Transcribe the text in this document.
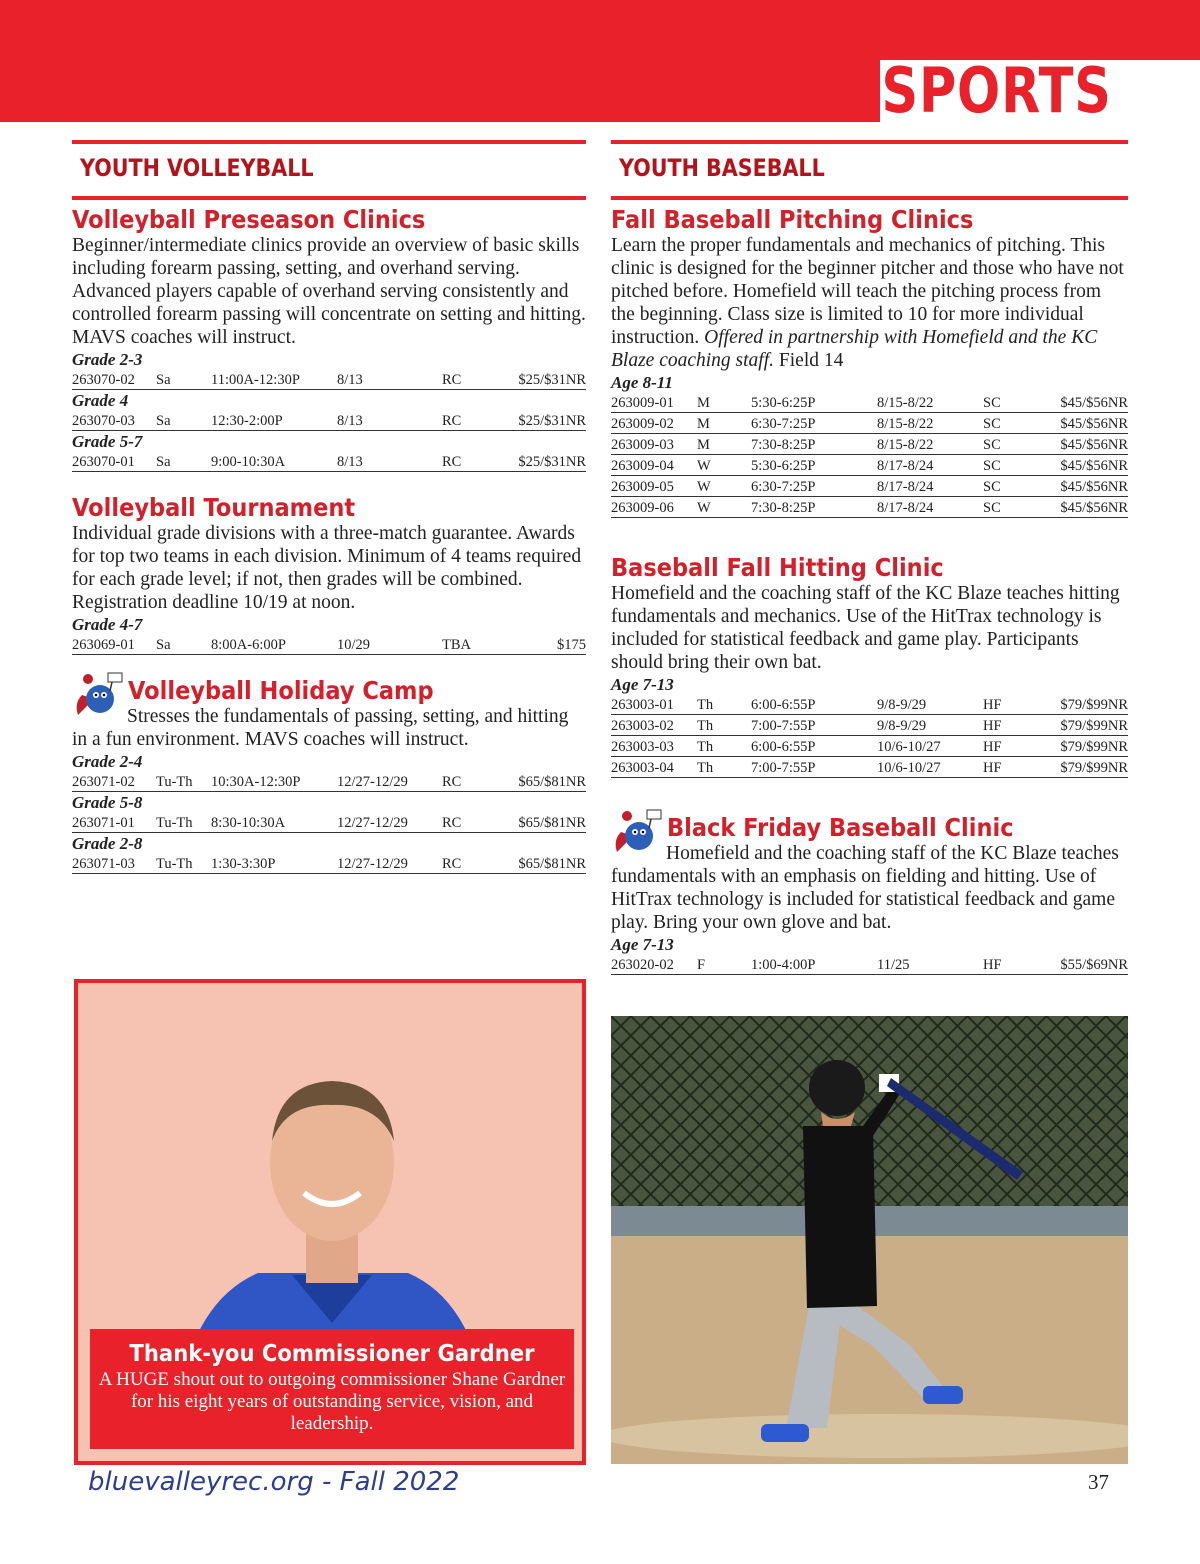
SPORTS
YOUTH VOLLEYBALL
Volleyball Preseason Clinics

Beginner/intermediate clinics provide an overview of basic skills including forearm passing, setting, and overhand serving. Advanced players capable of overhand serving consistently and controlled forearm passing will concentrate on setting and hitting. MAVS coaches will instruct.

Grade 2-3
263070-02	Sa	11:00A-12:30P	8/13	RC	$25/$31NR
Grade 4
263070-03	Sa	12:30-2:00P	8/13	RC	$25/$31NR
Grade 5-7
263070-01	Sa	9:00-10:30A	8/13	RC	$25/$31NR
Volleyball Tournament

Individual grade divisions with a three-match guarantee. Awards for top two teams in each division. Minimum of 4 teams required for each grade level; if not, then grades will be combined. Registration deadline 10/19 at noon.

Grade 4-7
263069-01	Sa	8:00A-6:00P	10/29	TBA	$175
Volleyball Holiday Camp

Stresses the fundamentals of passing, setting, and hitting in a fun environment. MAVS coaches will instruct.

Grade 2-4
263071-02	Tu-Th	10:30A-12:30P	12/27-12/29	RC	$65/$81NR
Grade 5-8
263071-01	Tu-Th	8:30-10:30A	12/27-12/29	RC	$65/$81NR
Grade 2-8
263071-03	Tu-Th	1:30-3:30P	12/27-12/29	RC	$65/$81NR
YOUTH BASEBALL
Fall Baseball Pitching Clinics

Learn the proper fundamentals and mechanics of pitching. This clinic is designed for the beginner pitcher and those who have not pitched before. Homefield will teach the pitching process from the beginning. Class size is limited to 10 for more individual instruction. Offered in partnership with Homefield and the KC Blaze coaching staff. Field 14

Age 8-11
263009-01	M	5:30-6:25P	8/15-8/22	SC	$45/$56NR
263009-02	M	6:30-7:25P	8/15-8/22	SC	$45/$56NR
263009-03	M	7:30-8:25P	8/15-8/22	SC	$45/$56NR
263009-04	W	5:30-6:25P	8/17-8/24	SC	$45/$56NR
263009-05	W	6:30-7:25P	8/17-8/24	SC	$45/$56NR
263009-06	W	7:30-8:25P	8/17-8/24	SC	$45/$56NR
Baseball Fall Hitting Clinic

Homefield and the coaching staff of the KC Blaze teaches hitting fundamentals and mechanics. Use of the HitTrax technology is included for statistical feedback and game play. Participants should bring their own bat.

Age 7-13
263003-01	Th	6:00-6:55P	9/8-9/29	HF	$79/$99NR
263003-02	Th	7:00-7:55P	9/8-9/29	HF	$79/$99NR
263003-03	Th	6:00-6:55P	10/6-10/27	HF	$79/$99NR
263003-04	Th	7:00-7:55P	10/6-10/27	HF	$79/$99NR
Black Friday Baseball Clinic

Homefield and the coaching staff of the KC Blaze teaches fundamentals with an emphasis on fielding and hitting. Use of HitTrax technology is included for statistical feedback and game play. Bring your own glove and bat.

Age 7-13
263020-02	F	1:00-4:00P	11/25	HF	$55/$69NR
Thank-you Commissioner Gardner
A HUGE shout out to outgoing commissioner Shane Gardner for his eight years of outstanding service, vision, and leadership.
bluevalleyrec.org - Fall 2022	37
